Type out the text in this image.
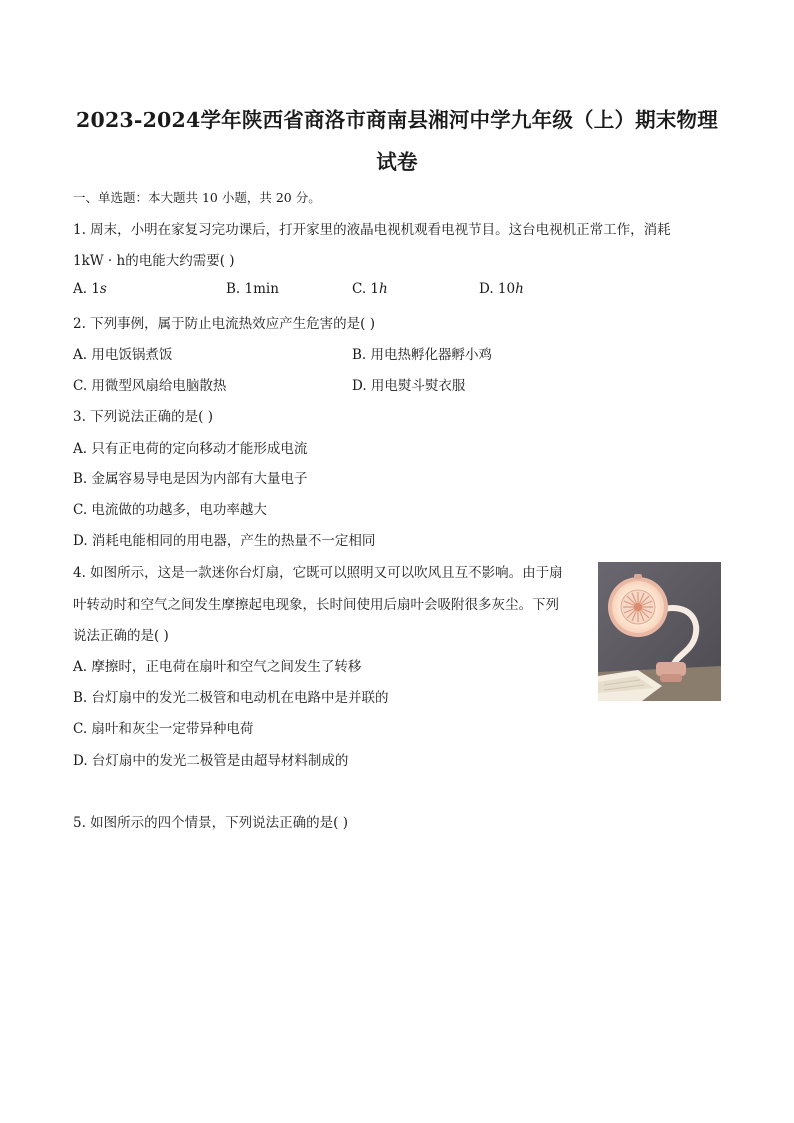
2023-2024学年陕西省商洛市商南县湘河中学九年级（上）期末物理
试卷
一、单选题：本大题共 10 小题，共 20 分。
1. 周末，小明在家复习完功课后，打开家里的液晶电视机观看电视节目。这台电视机正常工作，消耗
1kW · h的电能大约需要( )
A. 1s	B. 1min	C. 1h	D. 10h
2. 下列事例，属于防止电流热效应产生危害的是( )
A. 用电饭锅煮饭	B. 用电热孵化器孵小鸡
C. 用微型风扇给电脑散热	D. 用电熨斗熨衣服
3. 下列说法正确的是( )
A. 只有正电荷的定向移动才能形成电流
B. 金属容易导电是因为内部有大量电子
C. 电流做的功越多，电功率越大
D. 消耗电能相同的用电器，产生的热量不一定相同
4. 如图所示，这是一款迷你台灯扇，它既可以照明又可以吹风且互不影响。由于扇
叶转动时和空气之间发生摩擦起电现象，长时间使用后扇叶会吸附很多灰尘。下列
说法正确的是( )
A. 摩擦时，正电荷在扇叶和空气之间发生了转移
B. 台灯扇中的发光二极管和电动机在电路中是并联的
C. 扇叶和灰尘一定带异种电荷
D. 台灯扇中的发光二极管是由超导材料制成的
5. 如图所示的四个情景，下列说法正确的是( )
